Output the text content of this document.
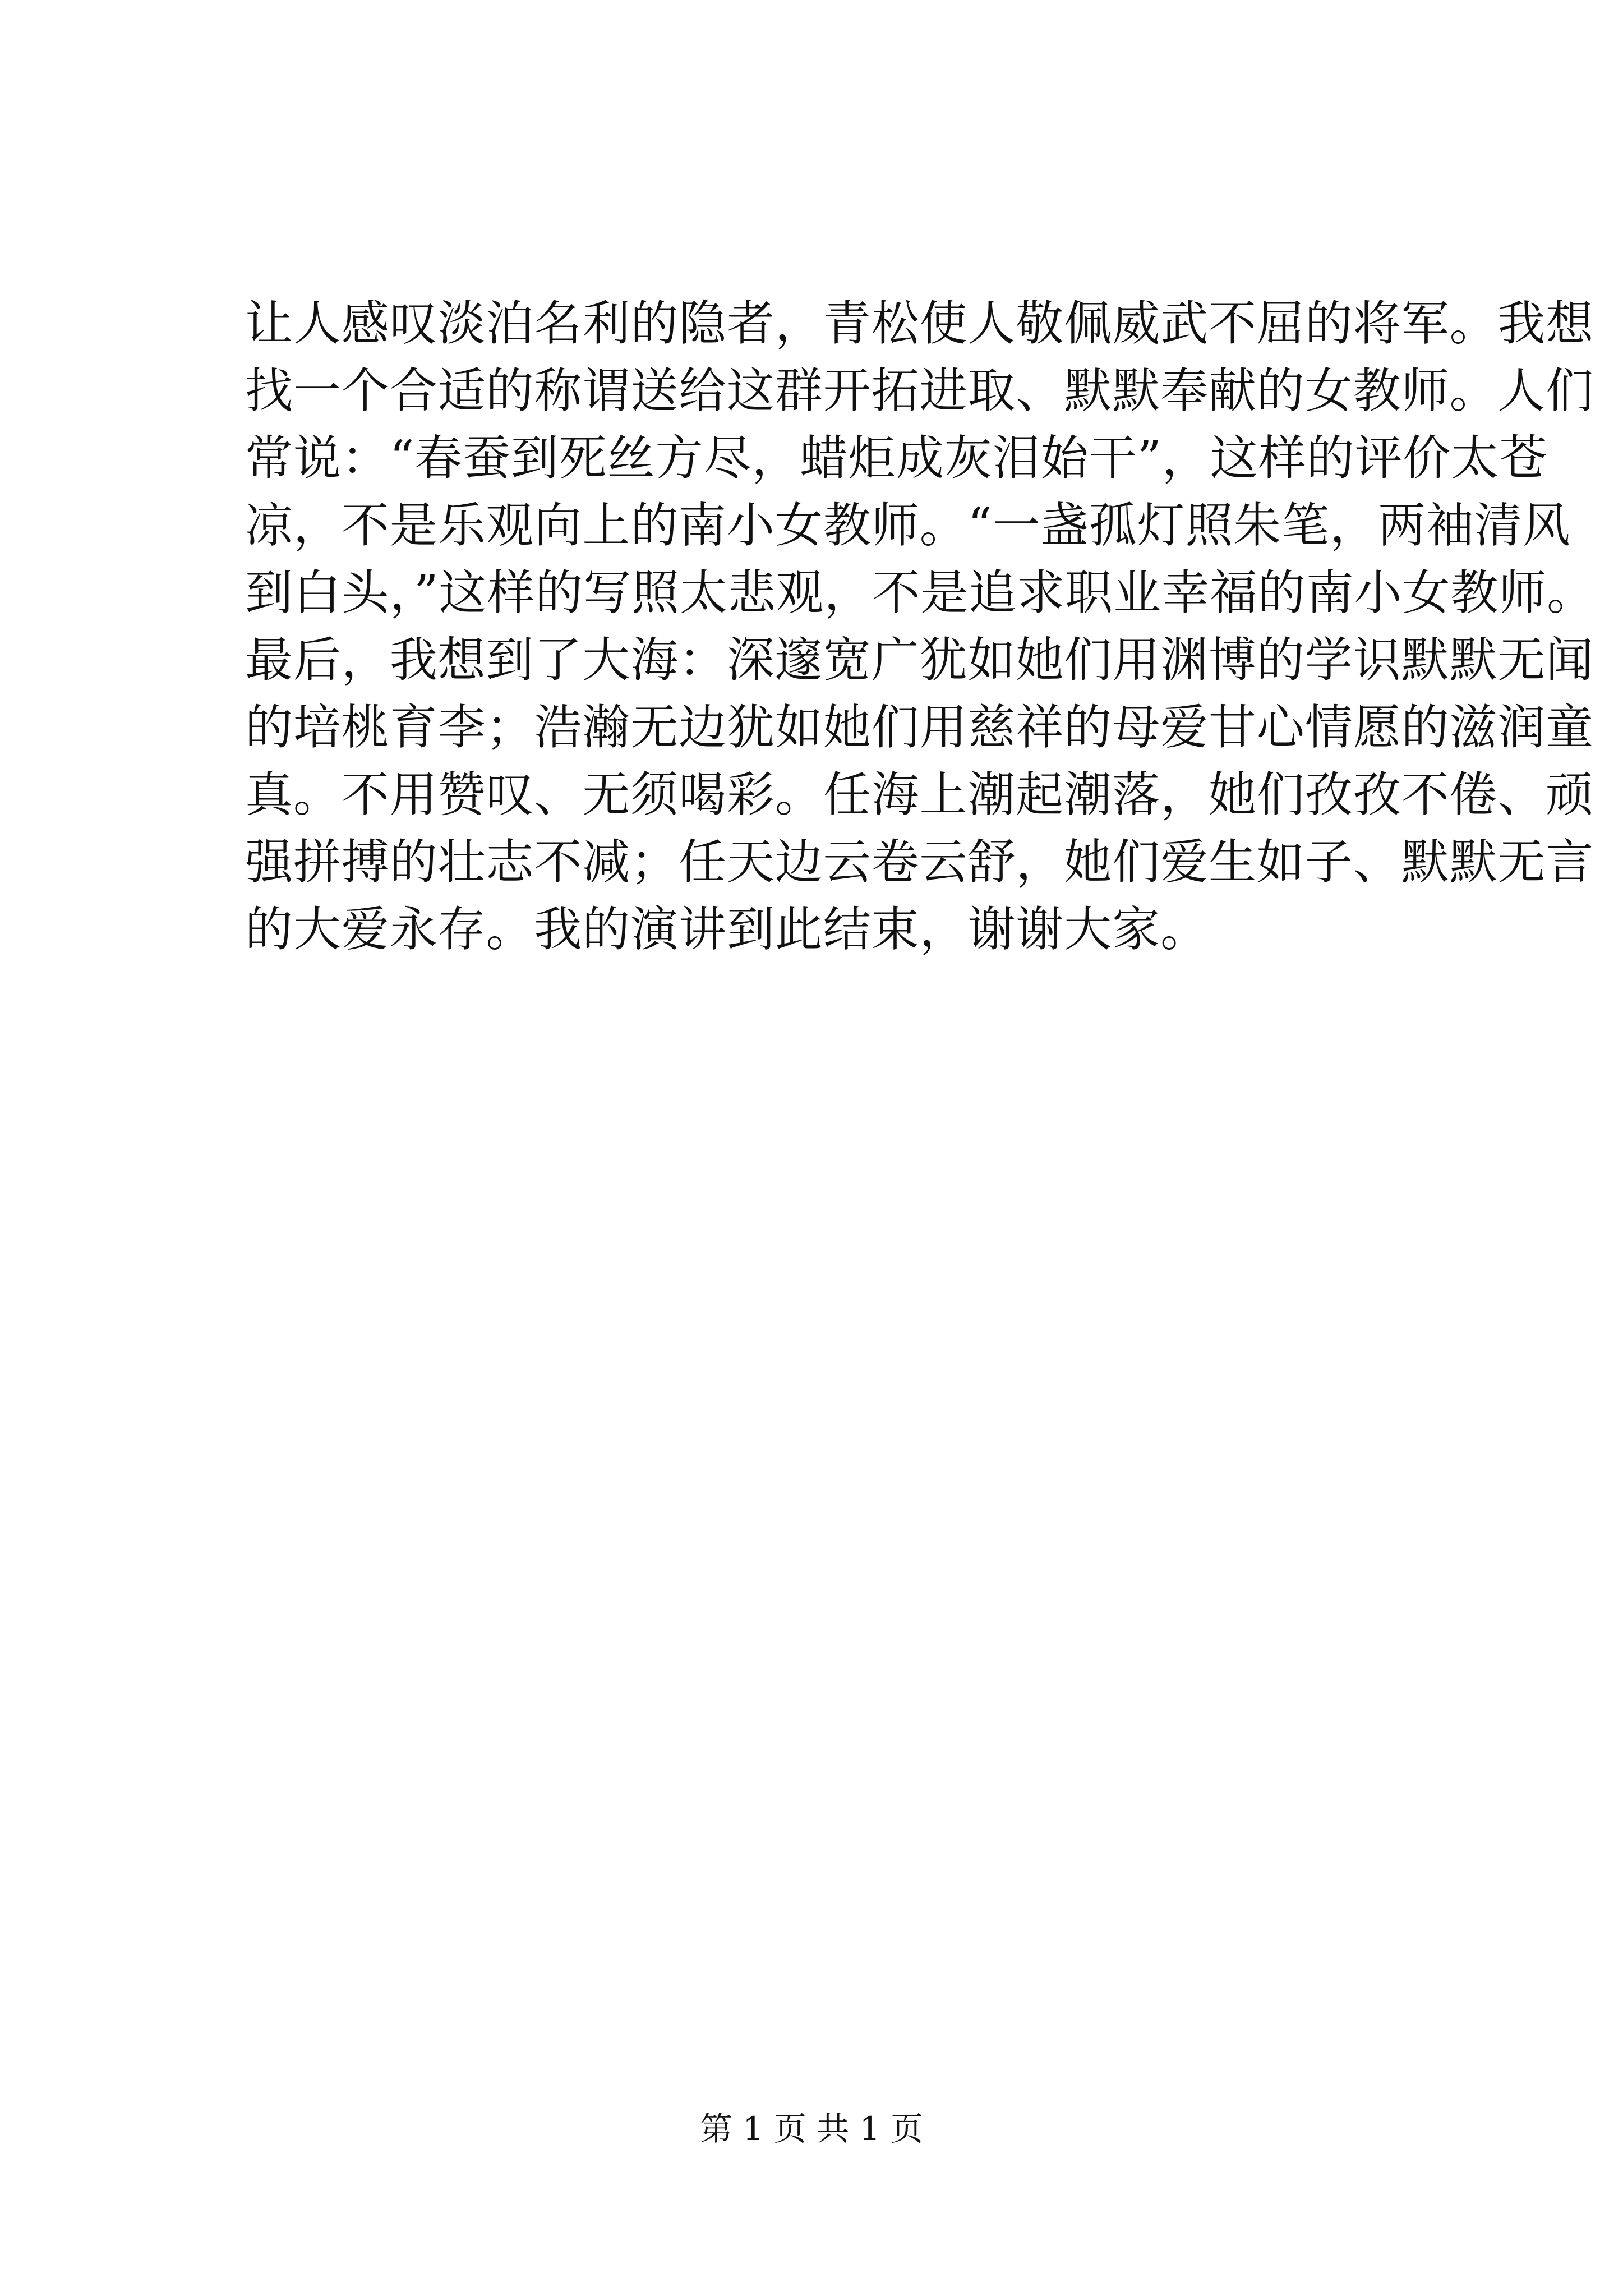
让人感叹淡泊名利的隐者，青松使人敬佩威武不屈的将军。我想
找一个合适的称谓送给这群开拓进取、默默奉献的女教师。人们
常说：“春蚕到死丝方尽，蜡炬成灰泪始干”，这样的评价太苍
凉，不是乐观向上的南小女教师。“一盏孤灯照朱笔，两袖清风
到白头，”这样的写照太悲观，不是追求职业幸福的南小女教师。
最后，我想到了大海：深邃宽广犹如她们用渊博的学识默默无闻
的培桃育李；浩瀚无边犹如她们用慈祥的母爱甘心情愿的滋润童
真。不用赞叹、无须喝彩。任海上潮起潮落，她们孜孜不倦、顽
强拼搏的壮志不减；任天边云卷云舒，她们爱生如子、默默无言
的大爱永存。我的演讲到此结束，谢谢大家。
第 1 页 共 1 页
